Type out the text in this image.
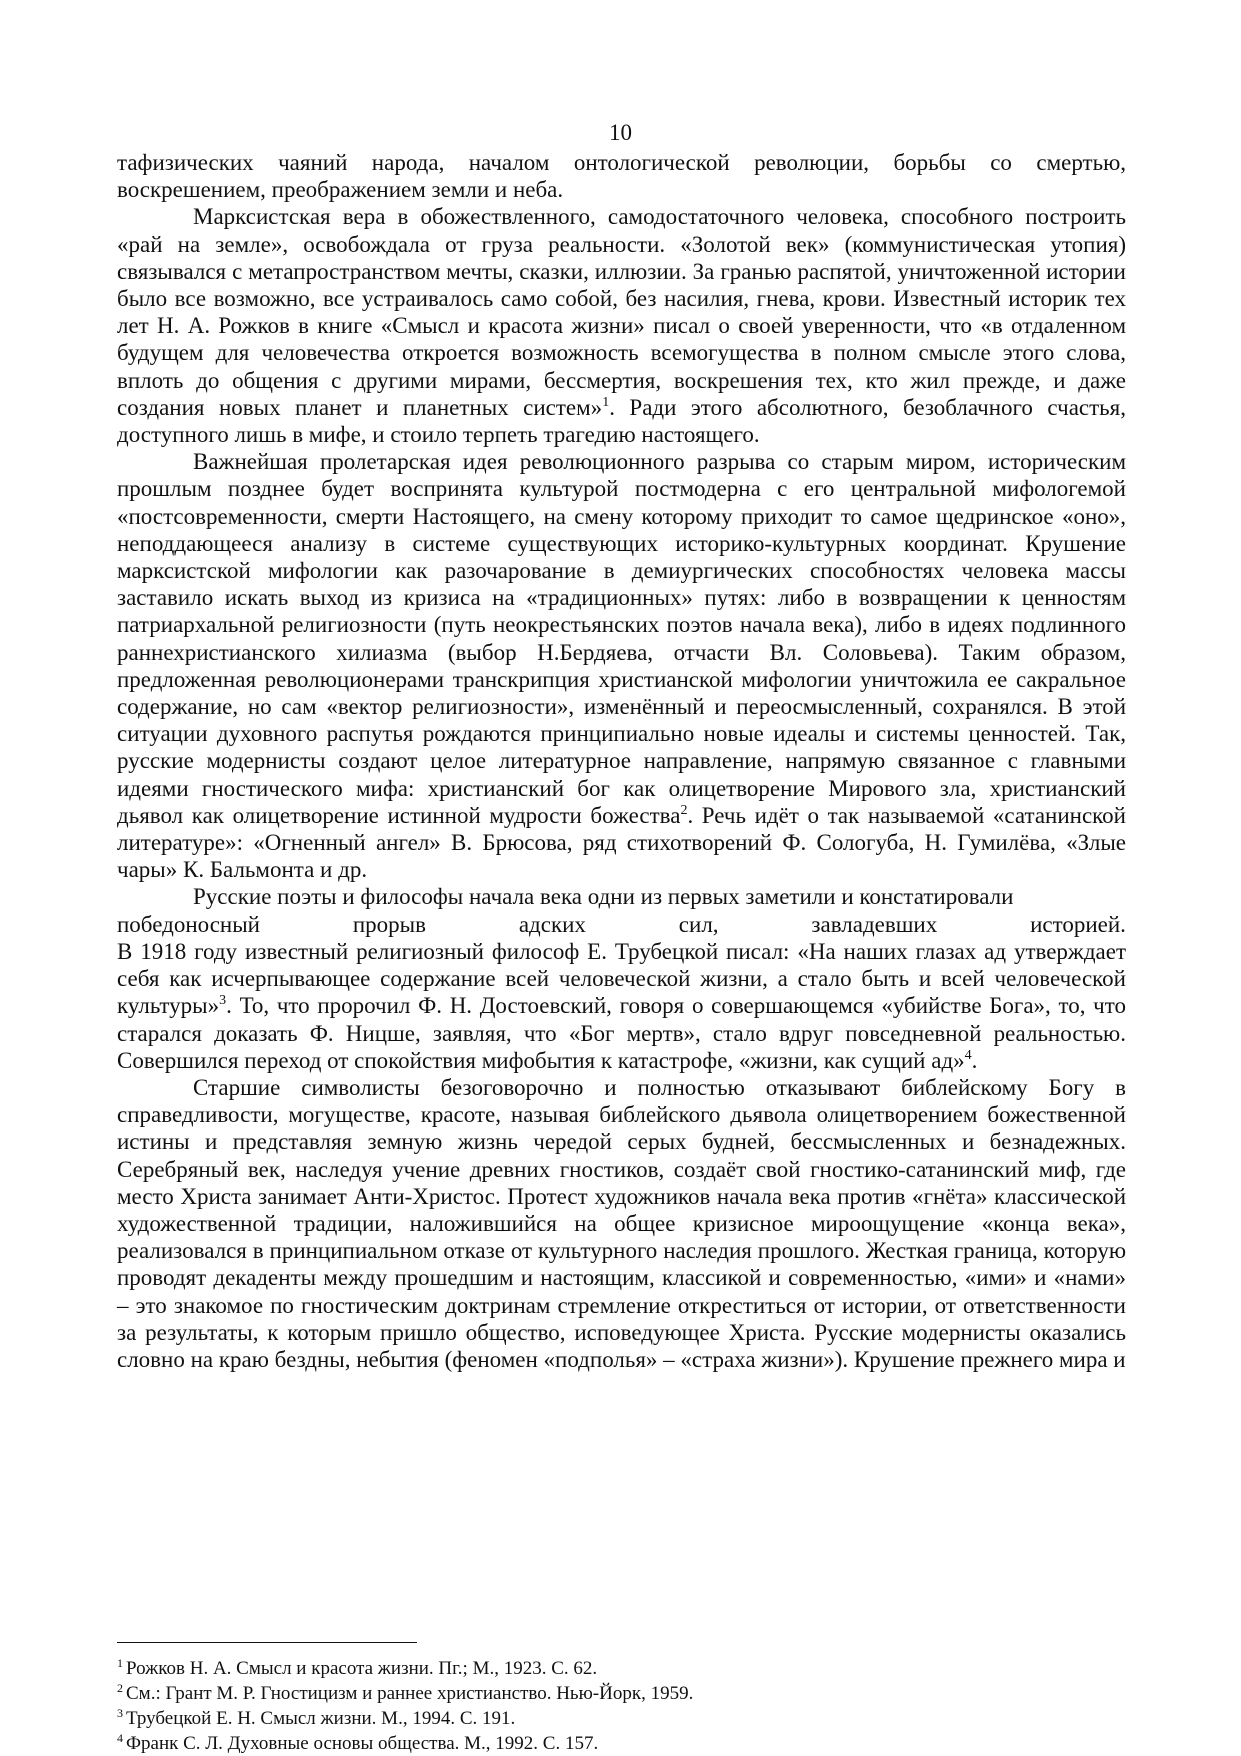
10

тафизических чаяний народа, началом онтологической революции, борьбы со смертью, воскрешением, преображением земли и неба.

Марксистская вера в обожествленного, самодостаточного человека, способного построить «рай на земле», освобождала от груза реальности. «Золотой век» (коммунистическая утопия) связывался с метапространством мечты, сказки, иллюзии. За гранью распятой, уничтоженной истории было все возможно, все устраивалось само собой, без насилия, гнева, крови. Известный историк тех лет Н. А. Рожков в книге «Смысл и красота жизни» писал о своей уверенности, что «в отдаленном будущем для человечества откроется возможность всемогущества в полном смысле этого слова, вплоть до общения с другими мирами, бессмертия, воскрешения тех, кто жил прежде, и даже создания новых планет и планетных систем»$^1$. Ради этого абсолютного, безоблачного счастья, доступного лишь в мифе, и стоило терпеть трагедию настоящего.

Важнейшая пролетарская идея революционного разрыва со старым миром, историческим прошлым позднее будет воспринята культурой постмодерна с его центральной мифологемой «постсовременности, смерти Настоящего, на смену которому приходит то самое щедринское «оно», неподдающееся анализу в системе существующих историко-культурных координат. Крушение марксистской мифологии как разочарование в демиургических способностях человека массы заставило искать выход из кризиса на «традиционных» путях: либо в возвращении к ценностям патриархальной религиозности (путь неокрестьянских поэтов начала века), либо в идеях подлинного раннехристианского хилиазма (выбор Н.Бердяева, отчасти Вл. Соловьева). Таким образом, предложенная революционерами транскрипция христианской мифологии уничтожила ее сакральное содержание, но сам «вектор религиозности», изменённый и переосмысленный, сохранялся. В этой ситуации духовного распутья рождаются принципиально новые идеалы и системы ценностей. Так, русские модернисты создают целое литературное направление, напрямую связанное с главными идеями гностического мифа: христианский бог как олицетворение Мирового зла, христианский дьявол как олицетворение истинной мудрости божества$^2$. Речь идёт о так называемой «сатанинской литературе»: «Огненный ангел» В. Брюсова, ряд стихотворений Ф. Сологуба, Н. Гумилёва, «Злые чары» К. Бальмонта и др.

Русские поэты и философы начала века одни из первых заметили и констатировали

победоносный	прорыв	адских	сил,	завладевших	историей.

В 1918 году известный религиозный философ Е. Трубецкой писал: «На наших глазах ад утверждает себя как исчерпывающее содержание всей человеческой жизни, а стало быть и всей человеческой культуры»$^3$. То, что пророчил Ф. Н. Достоевский, говоря о совершающемся «убийстве Бога», то, что старался доказать Ф. Ницше, заявляя, что «Бог мертв», стало вдруг повседневной реальностью. Совершился переход от спокойствия мифобытия к катастрофе, «жизни, как сущий ад»$^4$.

Старшие символисты безоговорочно и полностью отказывают библейскому Богу в справедливости, могуществе, красоте, называя библейского дьявола олицетворением божественной истины и представляя земную жизнь чередой серых будней, бессмысленных и безнадежных. Серебряный век, наследуя учение древних гностиков, создаёт свой гностико-сатанинский миф, где место Христа занимает Анти-Христос. Протест художников начала века против «гнёта» классической художественной традиции, наложившийся на общее кризисное мироощущение «конца века», реализовался в принципиальном отказе от культурного наследия прошлого. Жесткая граница, которую проводят декаденты между прошедшим и настоящим, классикой и современностью, «ими» и «нами» – это знакомое по гностическим доктринам стремление откреститься от истории, от ответственности за результаты, к которым пришло общество, исповедующее Христа. Русские модернисты оказались словно на краю бездны, небытия (феномен «подполья» – «страха жизни»). Крушение прежнего мира и

$^1$ Рожков Н. А. Смысл и красота жизни. Пг.; М., 1923. С. 62.

$^2$ См.: Грант М. Р. Гностицизм и раннее христианство. Нью-Йорк, 1959.

$^3$ Трубецкой Е. Н. Смысл жизни. М., 1994. С. 191.

$^4$ Франк С. Л. Духовные основы общества. М., 1992. С. 157.
